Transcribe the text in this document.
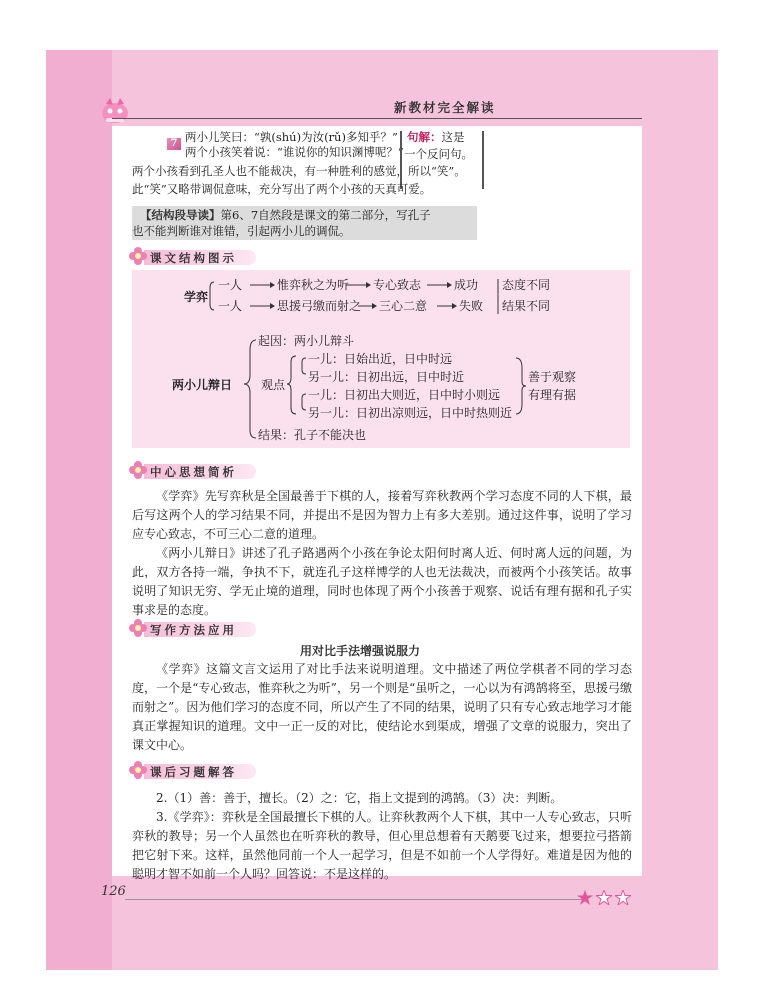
新教材完全解读
7 两小儿笑曰：“孰(shú)为汝(rǔ)多知乎？”
两个小孩笑着说：“谁说你的知识渊博呢？”
句解：这是
一个反问句。
两个小孩看到孔圣人也不能裁决，有一种胜利的感觉，所以“笑”。
此“笑”又略带调侃意味，充分写出了两个小孩的天真可爱。
【结构段导读】第6、7自然段是课文的第二部分，写孔子
也不能判断谁对谁错，引起两小儿的调侃。
课文结构图示
学弈
一人	惟弈秋之为听 专心致志	成功
一人	思援弓缴而射之 三心二意	失败
态度不同
结果不同
两小儿辩日
起因：两小儿辩斗
观点
一儿：日始出近，日中时远
另一儿：日初出远，日中时近
一儿：日初出大则近，日中时小则远
另一儿：日初出凉则远，日中时热则近
善于观察
有理有据
结果：孔子不能决也
中心思想简析

《学弈》先写弈秋是全国最善于下棋的人，接着写弈秋教两个学习态度不同的人下棋，最后写这两个人的学习结果不同，并提出不是因为智力上有多大差别。通过这件事，说明了学习应专心致志，不可三心二意的道理。

《两小儿辩日》讲述了孔子路遇两个小孩在争论太阳何时离人近、何时离人远的问题，为此，双方各持一端，争执不下，就连孔子这样博学的人也无法裁决，而被两个小孩笑话。故事说明了知识无穷、学无止境的道理，同时也体现了两个小孩善于观察、说话有理有据和孔子实事求是的态度。

写作方法应用
用对比手法增强说服力

《学弈》这篇文言文运用了对比手法来说明道理。文中描述了两位学棋者不同的学习态度，一个是“专心致志，惟弈秋之为听”，另一个则是“虽听之，一心以为有鸿鹄将至，思援弓缴而射之”。因为他们学习的态度不同，所以产生了不同的结果，说明了只有专心致志地学习才能真正掌握知识的道理。文中一正一反的对比，使结论水到渠成，增强了文章的说服力，突出了课文中心。

课后习题解答

2.（1）善：善于，擅长。（2）之：它，指上文提到的鸿鹄。（3）决：判断。

3.《学弈》：弈秋是全国最擅长下棋的人。让弈秋教两个人下棋，其中一人专心致志，只听弈秋的教导；另一个人虽然也在听弈秋的教导，但心里总想着有天鹅要飞过来，想要拉弓搭箭把它射下来。这样，虽然他同前一个人一起学习，但是不如前一个人学得好。难道是因为他的聪明才智不如前一个人吗？回答说：不是这样的。

126
